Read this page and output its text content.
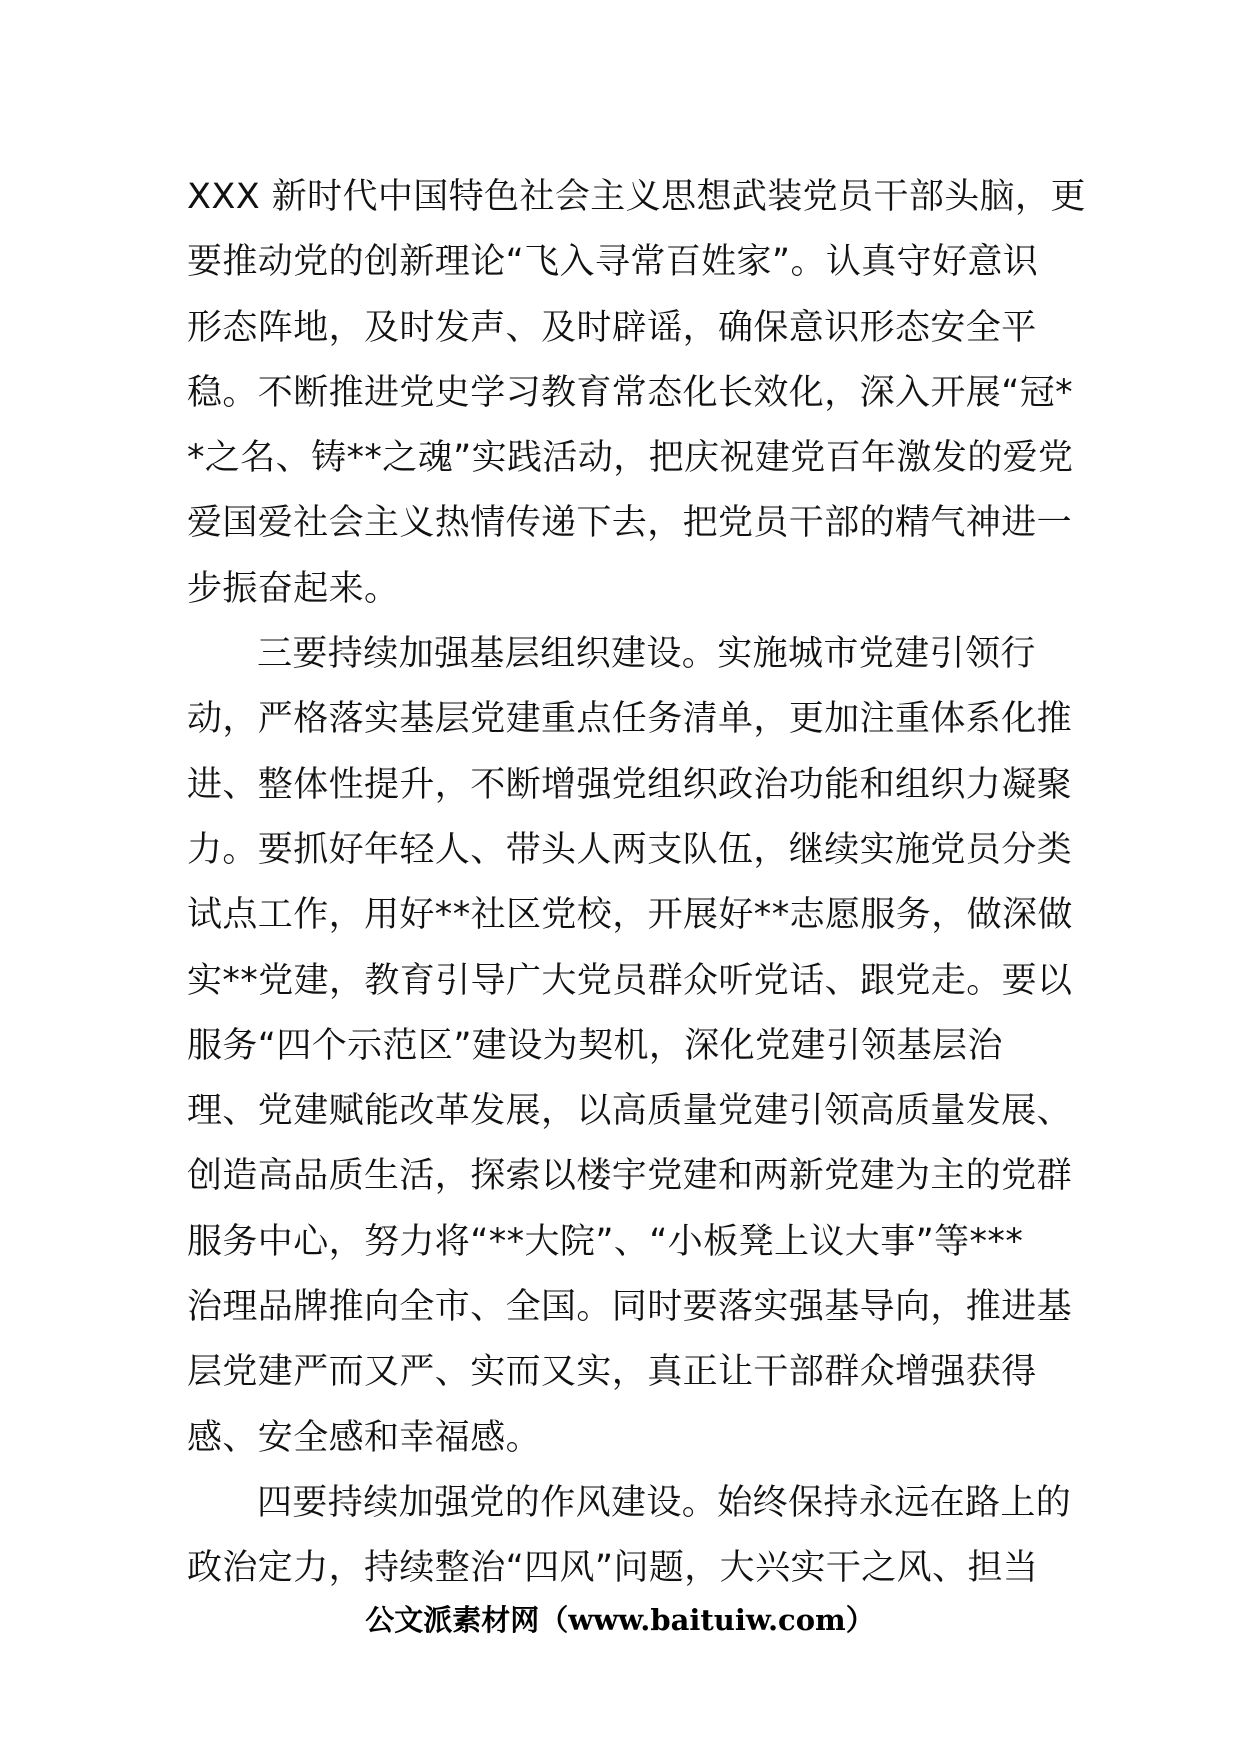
XXX 新时代中国特色社会主义思想武装党员干部头脑，更
要推动党的创新理论“飞入寻常百姓家”。认真守好意识
形态阵地，及时发声、及时辟谣，确保意识形态安全平
稳。不断推进党史学习教育常态化长效化，深入开展“冠*
*之名、铸**之魂”实践活动，把庆祝建党百年激发的爱党
爱国爱社会主义热情传递下去，把党员干部的精气神进一
步振奋起来。
三要持续加强基层组织建设。实施城市党建引领行
动，严格落实基层党建重点任务清单，更加注重体系化推
进、整体性提升，不断增强党组织政治功能和组织力凝聚
力。要抓好年轻人、带头人两支队伍，继续实施党员分类
试点工作，用好**社区党校，开展好**志愿服务，做深做
实**党建，教育引导广大党员群众听党话、跟党走。要以
服务“四个示范区”建设为契机，深化党建引领基层治
理、党建赋能改革发展，以高质量党建引领高质量发展、
创造高品质生活，探索以楼宇党建和两新党建为主的党群
服务中心，努力将“**大院”、“小板凳上议大事”等***
治理品牌推向全市、全国。同时要落实强基导向，推进基
层党建严而又严、实而又实，真正让干部群众增强获得
感、安全感和幸福感。
四要持续加强党的作风建设。始终保持永远在路上的
政治定力，持续整治“四风”问题，大兴实干之风、担当
公文派素材网（www.baituiw.com）
